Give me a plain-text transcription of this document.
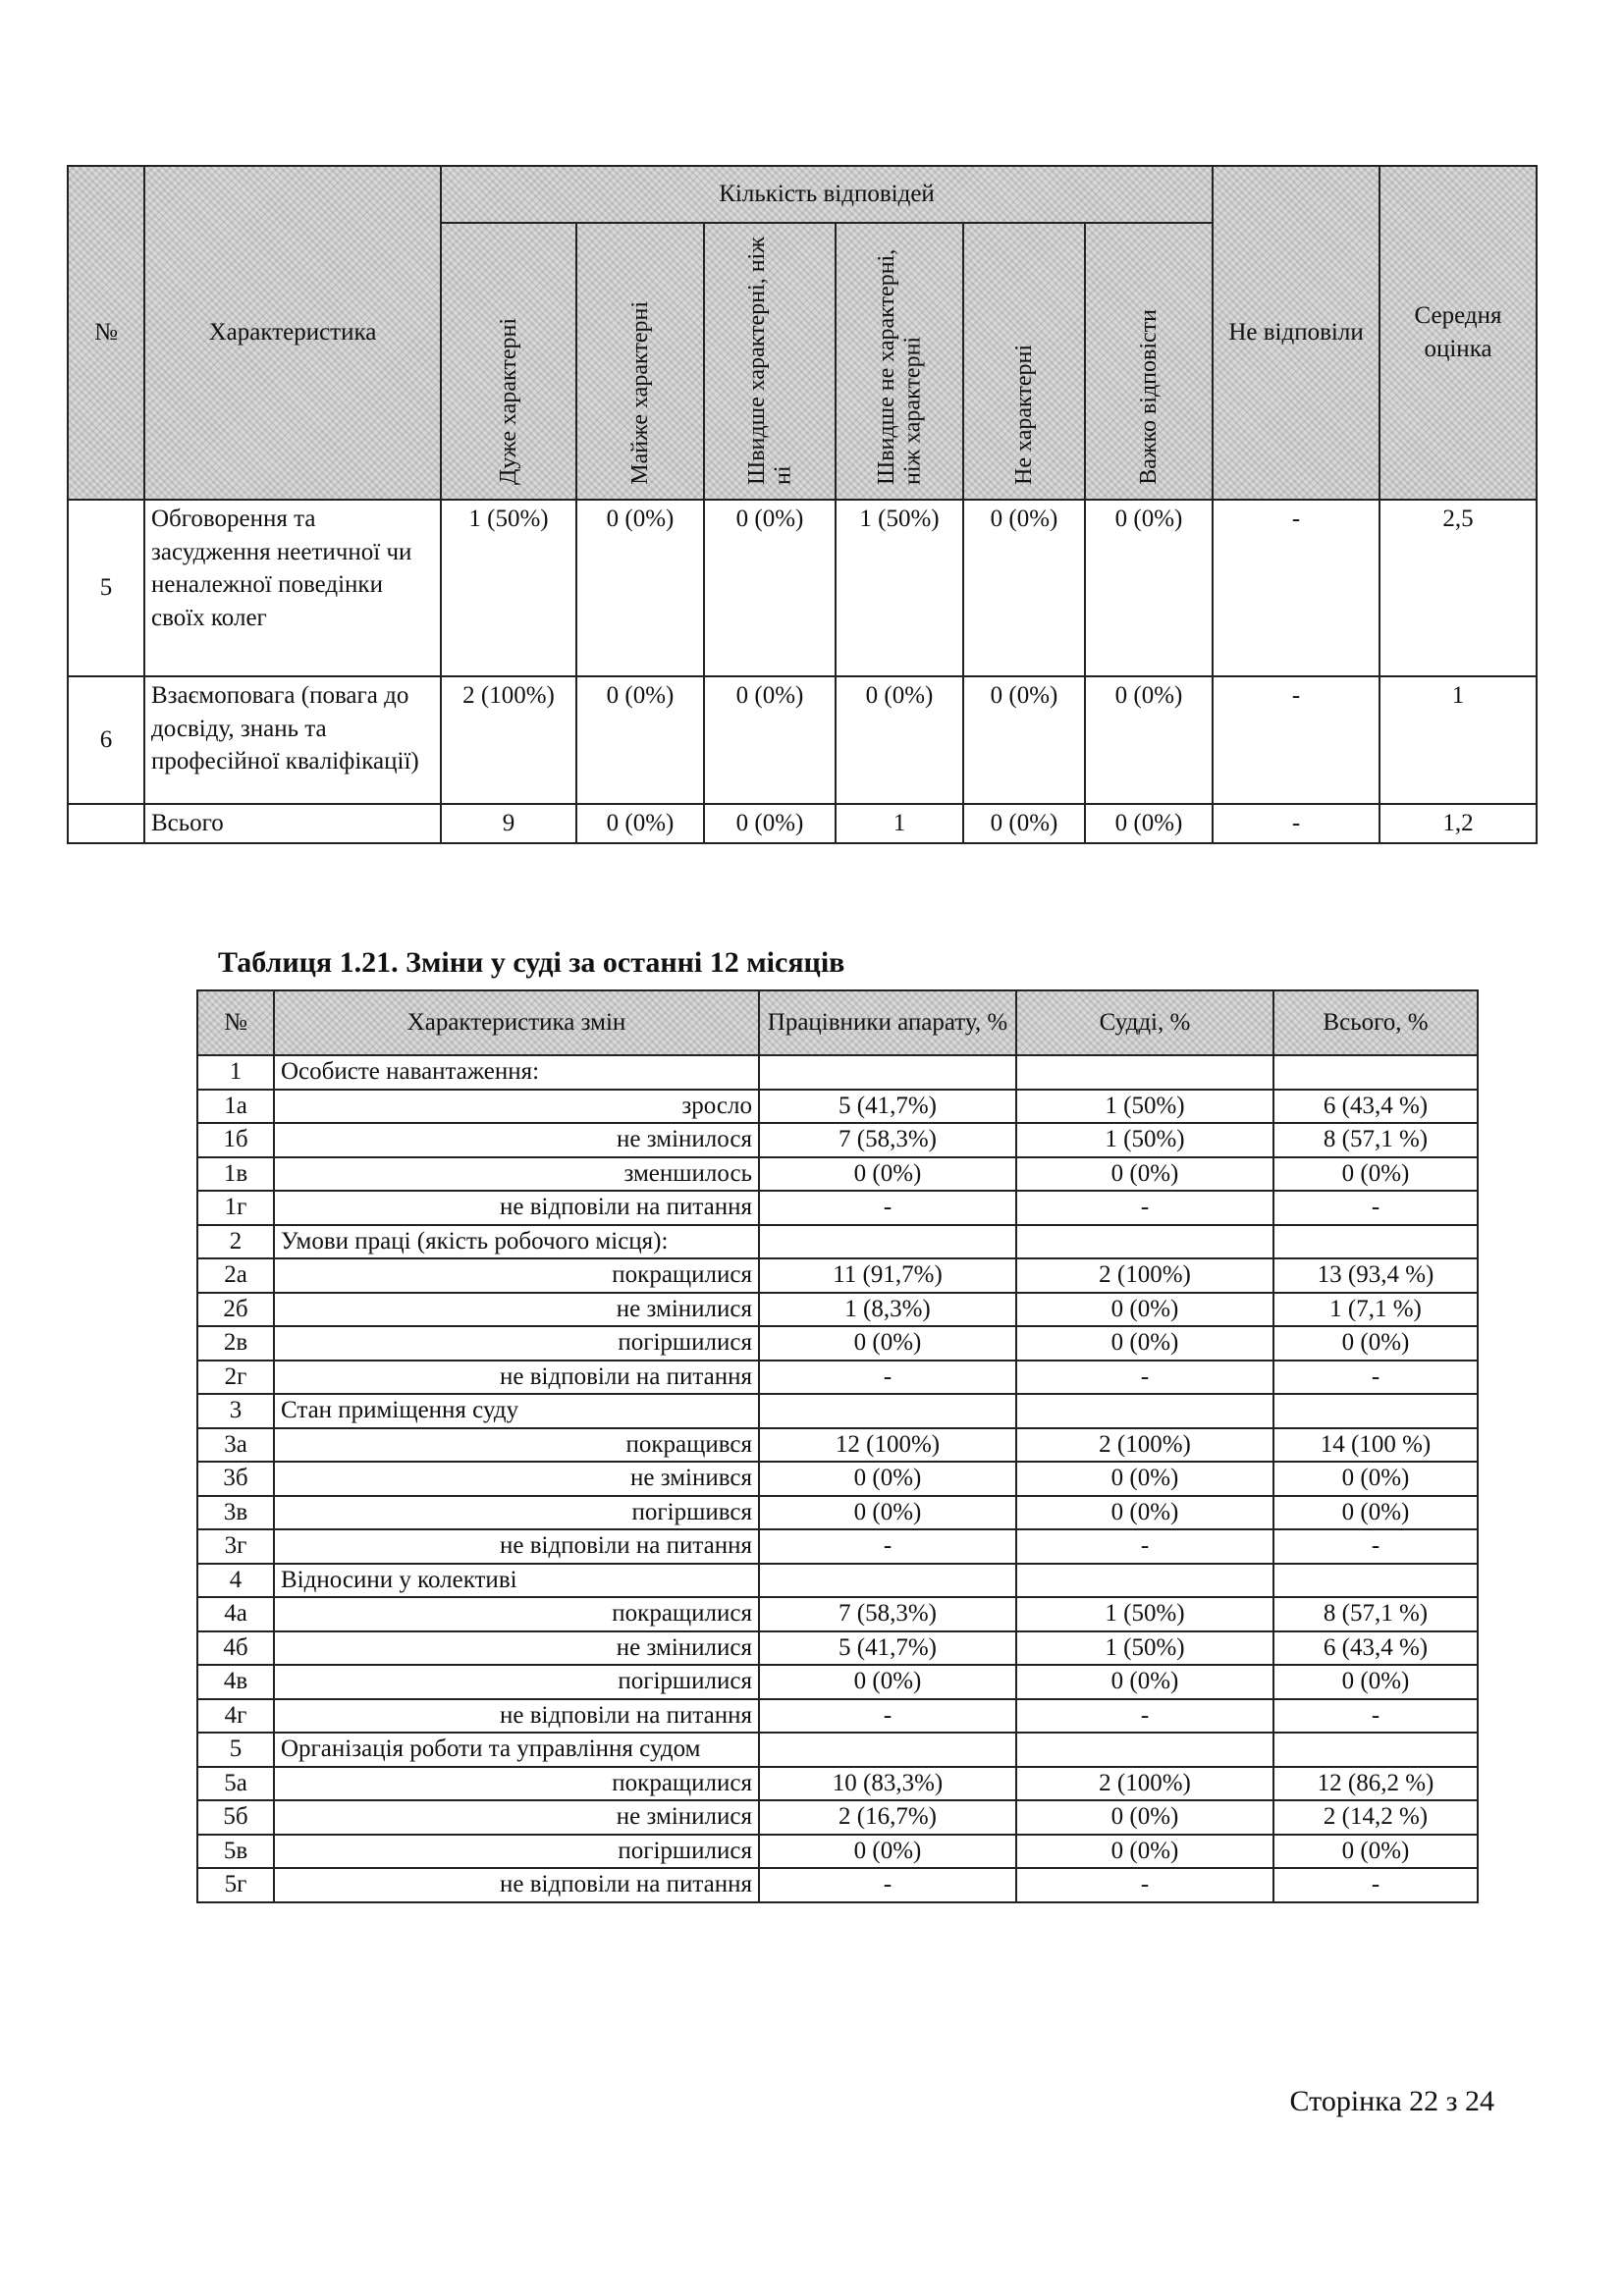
№	Характеристика	Кількість відповідей						Не відповіли	Середня оцінка
		Дуже характерні	Майже характерні	Швидше характерні, ніж ні	Швидше не характерні, ніж характерні	Не характерні	Важко відповісти		
5	Обговорення та засудження неетичної чи неналежної поведінки своїх колег	1 (50%)	0 (0%)	0 (0%)	1 (50%)	0 (0%)	0 (0%)	-	2,5
6	Взаємоповага (повага до досвіду, знань та професійної кваліфікації)	2 (100%)	0 (0%)	0 (0%)	0 (0%)	0 (0%)	0 (0%)	-	1
	Всього	9	0 (0%)	0 (0%)	1	0 (0%)	0 (0%)	-	1,2
Таблиця 1.21. Зміни у суді за останні 12 місяців
№	Характеристика змін	Працівники апарату, %	Судді, %	Всього, %
1	Особисте навантаження:			
1а	зросло	5 (41,7%)	1 (50%)	6 (43,4 %)
1б	не змінилося	7 (58,3%)	1 (50%)	8 (57,1 %)
1в	зменшилось	0 (0%)	0 (0%)	0 (0%)
1г	не відповіли на питання	-	-	-
2	Умови праці (якість робочого місця):			
2а	покращилися	11 (91,7%)	2 (100%)	13 (93,4 %)
2б	не змінилися	1 (8,3%)	0 (0%)	1 (7,1 %)
2в	погіршилися	0 (0%)	0 (0%)	0 (0%)
2г	не відповіли на питання	-	-	-
3	Стан приміщення суду			
3а	покращився	12 (100%)	2 (100%)	14 (100 %)
3б	не змінився	0 (0%)	0 (0%)	0 (0%)
3в	погіршився	0 (0%)	0 (0%)	0 (0%)
3г	не відповіли на питання	-	-	-
4	Відносини у колективі			
4а	покращилися	7 (58,3%)	1 (50%)	8 (57,1 %)
4б	не змінилися	5 (41,7%)	1 (50%)	6 (43,4 %)
4в	погіршилися	0 (0%)	0 (0%)	0 (0%)
4г	не відповіли на питання	-	-	-
5	Організація роботи та управління судом			
5а	покращилися	10 (83,3%)	2 (100%)	12 (86,2 %)
5б	не змінилися	2 (16,7%)	0 (0%)	2 (14,2 %)
5в	погіршилися	0 (0%)	0 (0%)	0 (0%)
5г	не відповіли на питання	-	-	-
Сторінка 22 з 24
